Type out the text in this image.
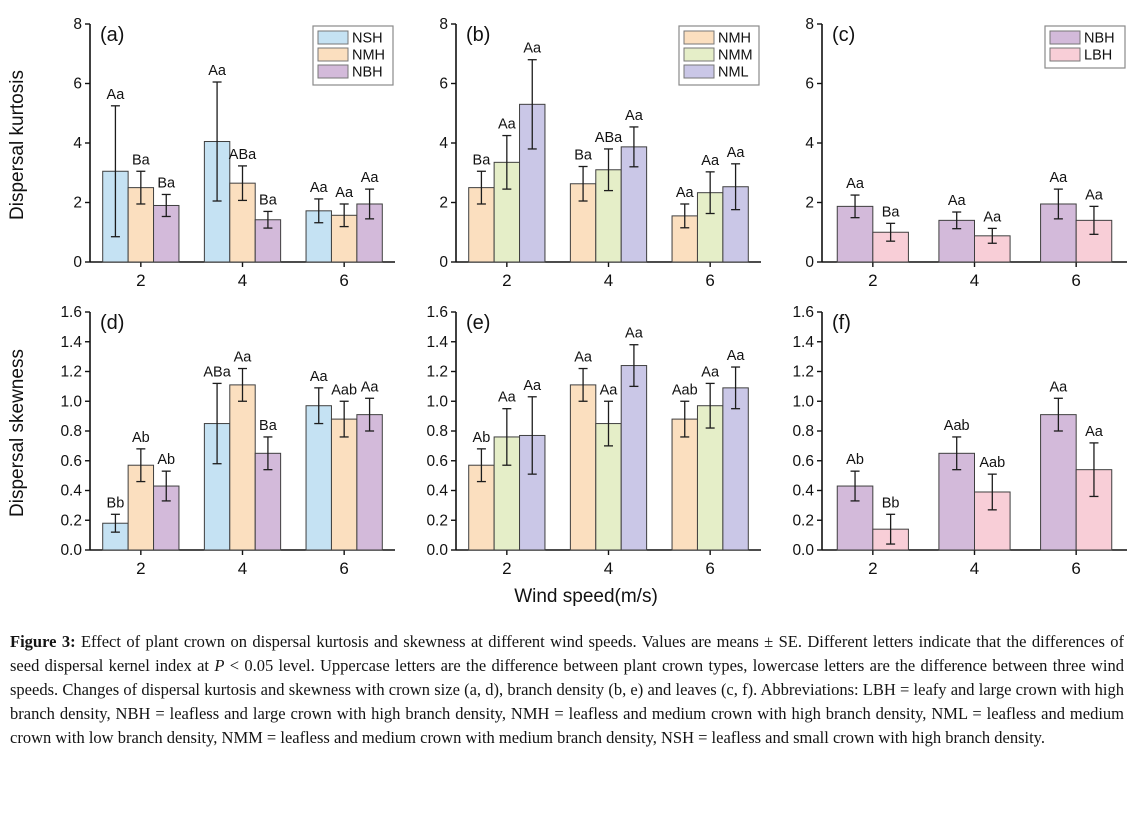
Dispersal kurtosis
0
2
4
6
8
2	4	6
Aa
Aa
Aa
Ba	ABa
Aa
Ba
Ba
Aa
(a)	NSH
NMH
NBH
0
2
4
6
8
2	4	6
Ba	Ba
Aa
Aa
ABa
Aa
Aa
Aa
Aa
(b)	NMH
NMM
NML
0
2
4
6
8
2	4	6
Aa
Aa
Aa
Ba	Aa
Aa
(c)	NBH
LBH
Dispersal skewness
0.0
0.2
0.4
0.6
0.8
1.0
1.2
1.4
1.6
2	4	6
Bb
ABa	Aa
Ab
Aa
Aab
Ab
Ba
Aa
(d)
0.0
0.2
0.4
0.6
0.8
1.0
1.2
1.4
1.6
2	4	6
Ab
Aa
Aab
Aa	Aa
Aa
Aa
Aa
Aa
(e)
0.0
0.2
0.4
0.6
0.8
1.0
1.2
1.4
1.6
2	4	6
Ab
Aab
Aa
Bb
Aab
Aa
(f)
Wind speed(m/s)

Figure 3: Effect of plant crown on dispersal kurtosis and skewness at different wind speeds. Values are means ± SE. Different letters indicate that the differences of seed dispersal kernel index at P < 0.05 level. Uppercase letters are the difference between plant crown types, lowercase letters are the difference between three wind speeds. Changes of dispersal kurtosis and skewness with crown size (a, d), branch density (b, e) and leaves (c, f). Abbreviations: LBH = leafy and large crown with high branch density, NBH = leafless and large crown with high branch density, NMH = leafless and medium crown with high branch density, NML = leafless and medium crown with low branch density, NMM = leafless and medium crown with medium branch density, NSH = leafless and small crown with high branch density.
